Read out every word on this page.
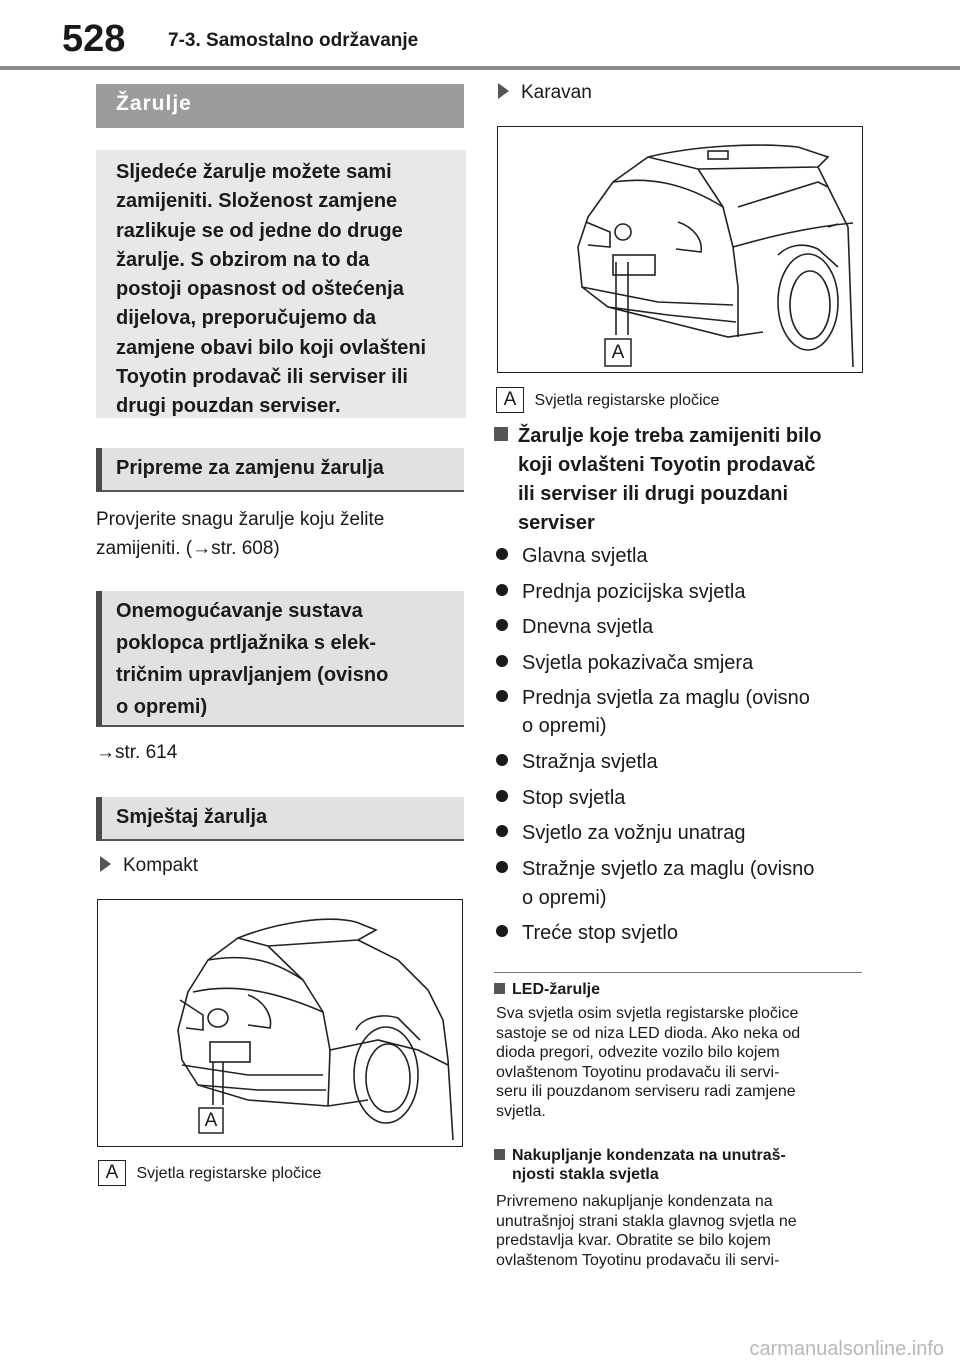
528 7-3. Samostalno održavanje
Žarulje
Sljedeće žarulje možete sami
zamijeniti. Složenost zamjene
razlikuje se od jedne do druge
žarulje. S obzirom na to da
postoji opasnost od oštećenja
dijelova, preporučujemo da
zamjene obavi bilo koji ovlašteni
Toyotin prodavač ili serviser ili
drugi pouzdan serviser.
Pripreme za zamjenu žarulja
Provjerite snagu žarulje koju želite
zamijeniti. (→str. 608)
Onemogućavanje sustava
poklopca prtljažnika s elek-
tričnim upravljanjem (ovisno
o opremi)
→str. 614
Smještaj žarulja
Kompakt
A
A Svjetla registarske pločice
Karavan
A
A Svjetla registarske pločice
Žarulje koje treba zamijeniti bilo
koji ovlašteni Toyotin prodavač
ili serviser ili drugi pouzdani
serviser
Glavna svjetla
Prednja pozicijska svjetla
Dnevna svjetla
Svjetla pokazivača smjera
Prednja svjetla za maglu (ovisno
o opremi)
Stražnja svjetla
Stop svjetla
Svjetlo za vožnju unatrag
Stražnje svjetlo za maglu (ovisno
o opremi)
Treće stop svjetlo
LED-žarulje
Sva svjetla osim svjetla registarske pločice
sastoje se od niza LED dioda. Ako neka od
dioda pregori, odvezite vozilo bilo kojem
ovlaštenom Toyotinu prodavaču ili servi-
seru ili pouzdanom serviseru radi zamjene
svjetla.
Nakupljanje kondenzata na unutraš-
njosti stakla svjetla
Privremeno nakupljanje kondenzata na
unutrašnjoj strani stakla glavnog svjetla ne
predstavlja kvar. Obratite se bilo kojem
ovlaštenom Toyotinu prodavaču ili servi-
carmanualsonline.info
